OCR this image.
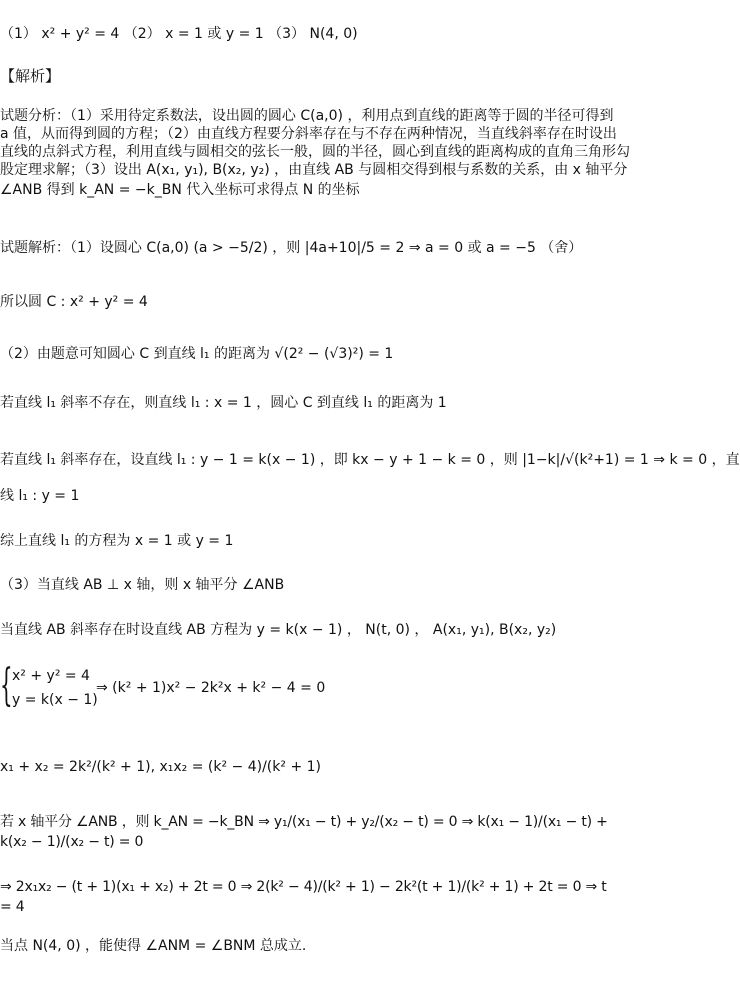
（1） x² + y² = 4 （2） x = 1 或 y = 1 （3） N(4, 0)
【解析】
试题分析：（1）采用待定系数法，设出圆的圆心 C(a,0) ，利用点到直线的距离等于圆的半径可得到
a 值，从而得到圆的方程；（2）由直线方程要分斜率存在与不存在两种情况，当直线斜率存在时设出
直线的点斜式方程，利用直线与圆相交的弦长一般，圆的半径，圆心到直线的距离构成的直角三角形勾
股定理求解；（3）设出 A(x₁, y₁), B(x₂, y₂) ，由直线 AB 与圆相交得到根与系数的关系，由 x 轴平分
∠ANB 得到 k_AN = −k_BN 代入坐标可求得点 N 的坐标
试题解析：（1）设圆心 C(a,0) (a > −5/2) ，则 |4a+10|/5 = 2 ⇒ a = 0 或 a = −5 （舍）
所以圆 C : x² + y² = 4
（2）由题意可知圆心 C 到直线 l₁ 的距离为 √(2² − (√3)²) = 1
若直线 l₁ 斜率不存在，则直线 l₁ : x = 1 ，圆心 C 到直线 l₁ 的距离为 1
若直线 l₁ 斜率存在，设直线 l₁ : y − 1 = k(x − 1) ，即 kx − y + 1 − k = 0 ，则 |1−k|/√(k²+1) = 1 ⇒ k = 0 ，直
线 l₁ : y = 1
综上直线 l₁ 的方程为 x = 1 或 y = 1
（3）当直线 AB ⊥ x 轴，则 x 轴平分 ∠ANB
当直线 AB 斜率存在时设直线 AB 方程为 y = k(x − 1) ， N(t, 0) ， A(x₁, y₁), B(x₂, y₂)
{ x² + y² = 4
y = k(x − 1)
⇒ (k² + 1)x² − 2k²x + k² − 4 = 0
x₁ + x₂ = 2k²/(k² + 1), x₁x₂ = (k² − 4)/(k² + 1)
若 x 轴平分 ∠ANB ，则 k_AN = −k_BN ⇒ y₁/(x₁ − t) + y₂/(x₂ − t) = 0 ⇒ k(x₁ − 1)/(x₁ − t) + k(x₂ − 1)/(x₂ − t) = 0
⇒ 2x₁x₂ − (t + 1)(x₁ + x₂) + 2t = 0 ⇒ 2(k² − 4)/(k² + 1) − 2k²(t + 1)/(k² + 1) + 2t = 0 ⇒ t = 4
当点 N(4, 0) ，能使得 ∠ANM = ∠BNM 总成立.
